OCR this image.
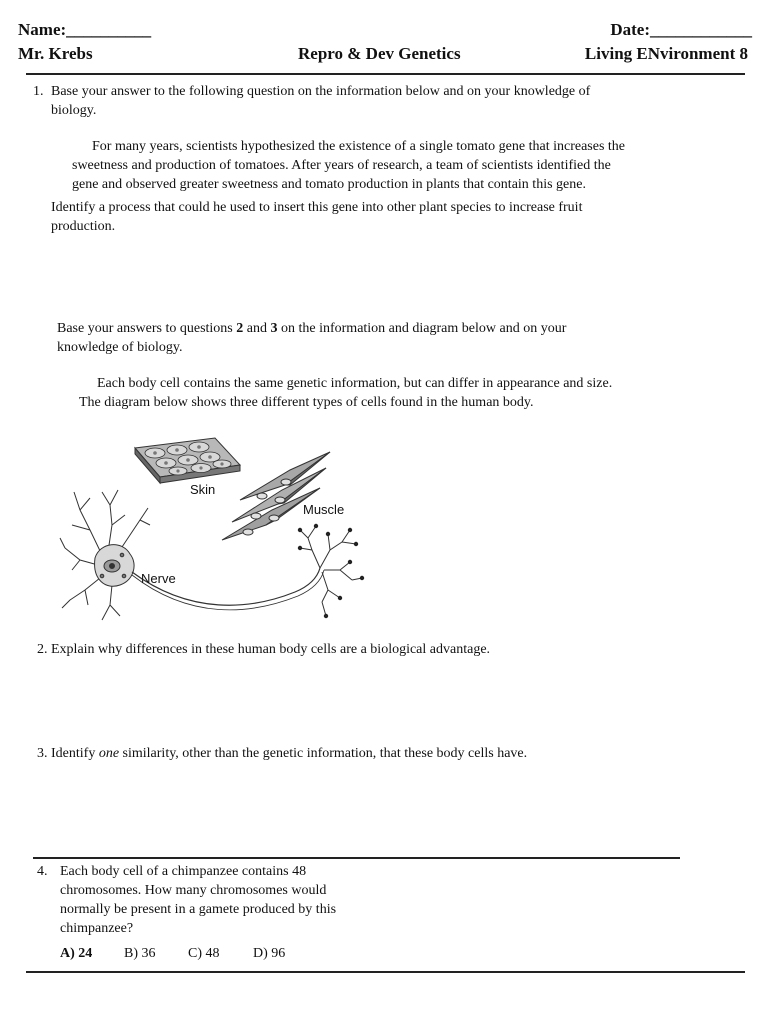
Name:__________	Date:____________
Mr. Krebs	Repro & Dev Genetics	Living ENvironment 8
1. Base your answer to the following question on the information below and on your knowledge of
biology.
For many years, scientists hypothesized the existence of a single tomato gene that increases the
sweetness and production of tomatoes. After years of research, a team of scientists identified the
gene and observed greater sweetness and tomato production in plants that contain this gene.
Identify a process that could he used to insert this gene into other plant species to increase fruit
production.
Base your answers to questions 2 and 3 on the information and diagram below and on your
knowledge of biology.
Each body cell contains the same genetic information, but can differ in appearance and size.
The diagram below shows three different types of cells found in the human body.
Skin
Muscle
Nerve
2. Explain why differences in these human body cells are a biological advantage.
3. Identify one similarity, other than the genetic information, that these body cells have.
4. Each body cell of a chimpanzee contains 48
chromosomes. How many chromosomes would
normally be present in a gamete produced by this
chimpanzee?
A) 24 B) 36 C) 48 D) 96
